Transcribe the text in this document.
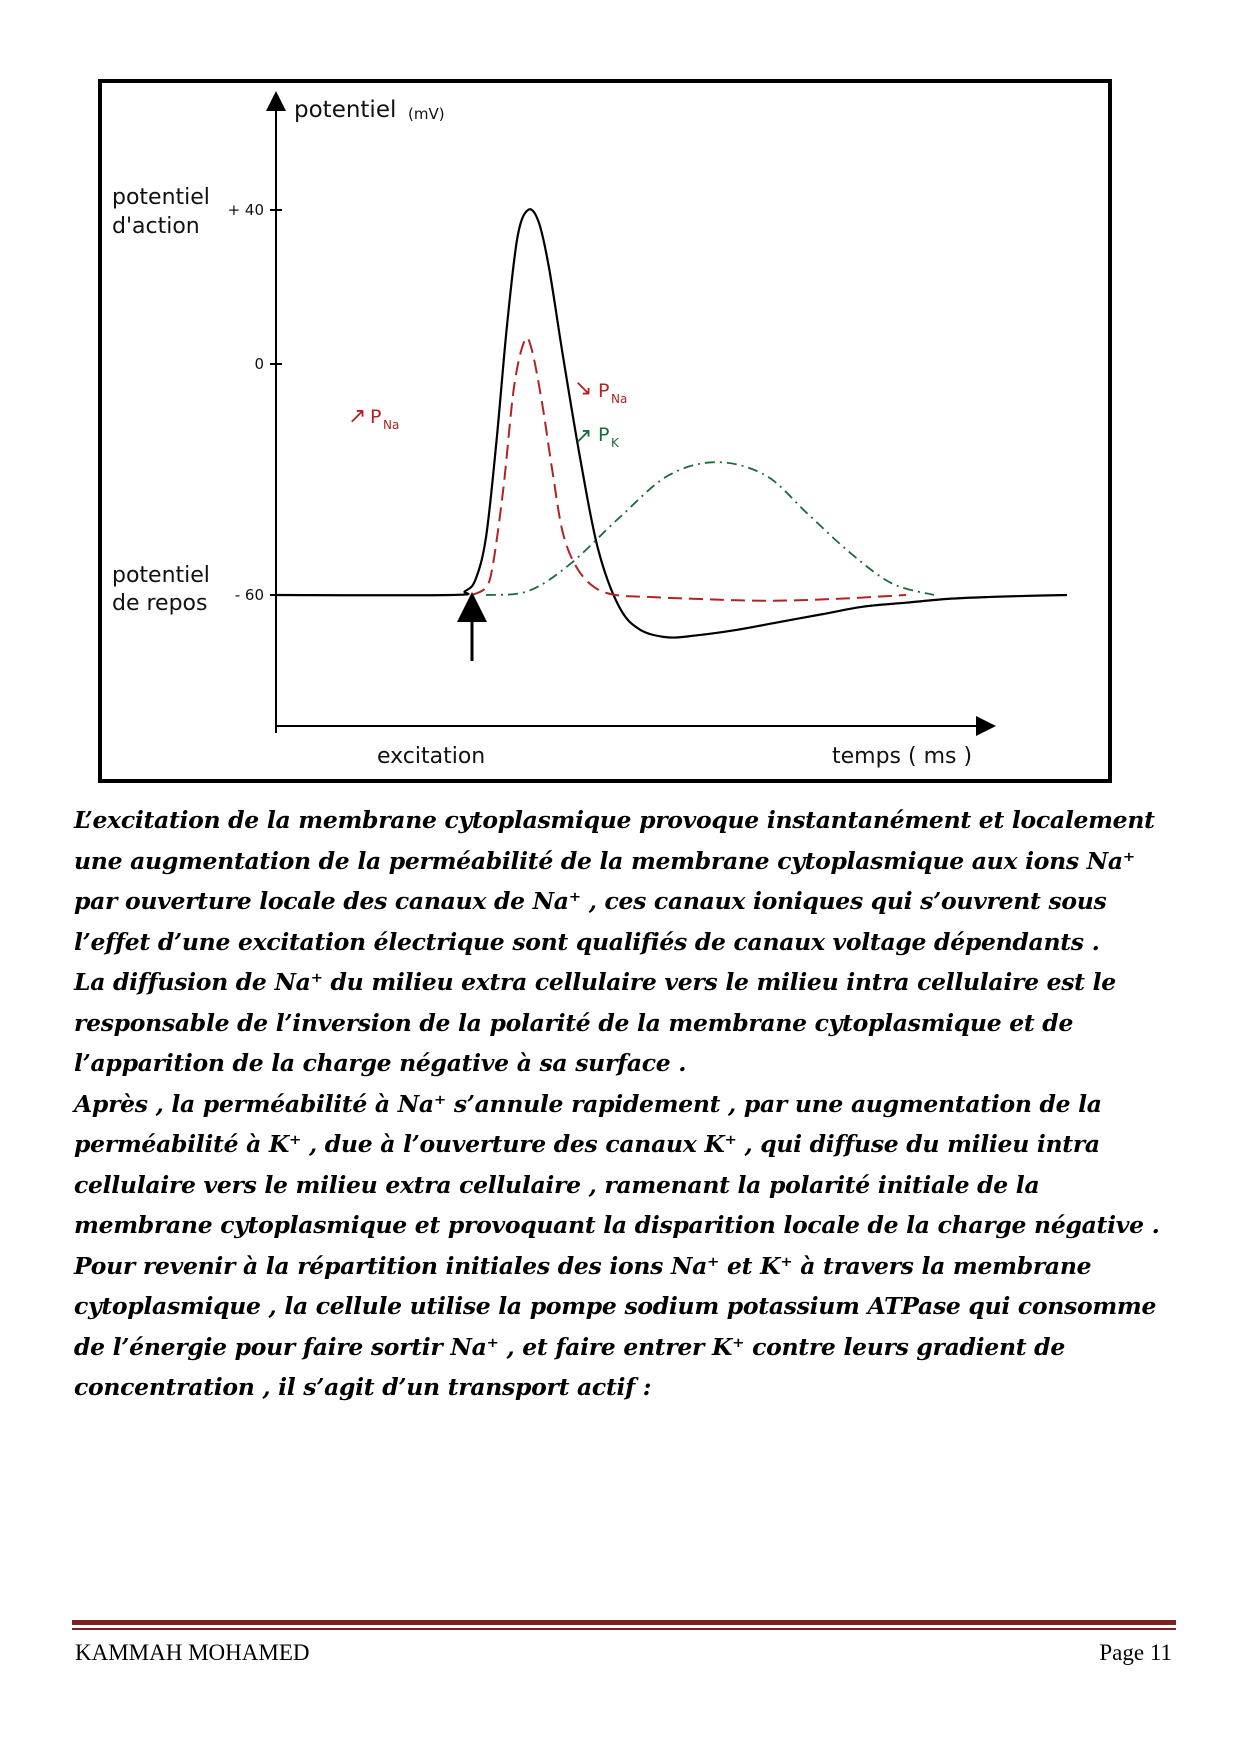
potentiel (mV)
temps ( ms )
potentiel
d'action
potentiel
de repos
+ 40
0
- 60
excitation
↗ P Na
↘ P Na
↗ P K

L’excitation de la membrane cytoplasmique provoque instantanément et localement une augmentation de la perméabilité de la membrane cytoplasmique aux ions Na⁺ par ouverture locale des canaux de Na⁺ , ces canaux ioniques qui s’ouvrent sous l’effet d’une excitation électrique sont qualifiés de canaux voltage dépendants .

La diffusion de Na⁺ du milieu extra cellulaire vers le milieu intra cellulaire est le responsable de l’inversion de la polarité de la membrane cytoplasmique et de l’apparition de la charge négative à sa surface .

Après , la perméabilité à Na⁺ s’annule rapidement , par une augmentation de la perméabilité à K⁺ , due à l’ouverture des canaux K⁺ , qui diffuse du milieu intra cellulaire vers le milieu extra cellulaire , ramenant la polarité initiale de la membrane cytoplasmique et provoquant la disparition locale de la charge négative .

Pour revenir à la répartition initiales des ions Na⁺ et K⁺ à travers la membrane cytoplasmique , la cellule utilise la pompe sodium potassium ATPase qui consomme de l’énergie pour faire sortir Na⁺ , et faire entrer K⁺ contre leurs gradient de concentration , il s’agit d’un transport actif :

KAMMAH MOHAMED	Page 11
